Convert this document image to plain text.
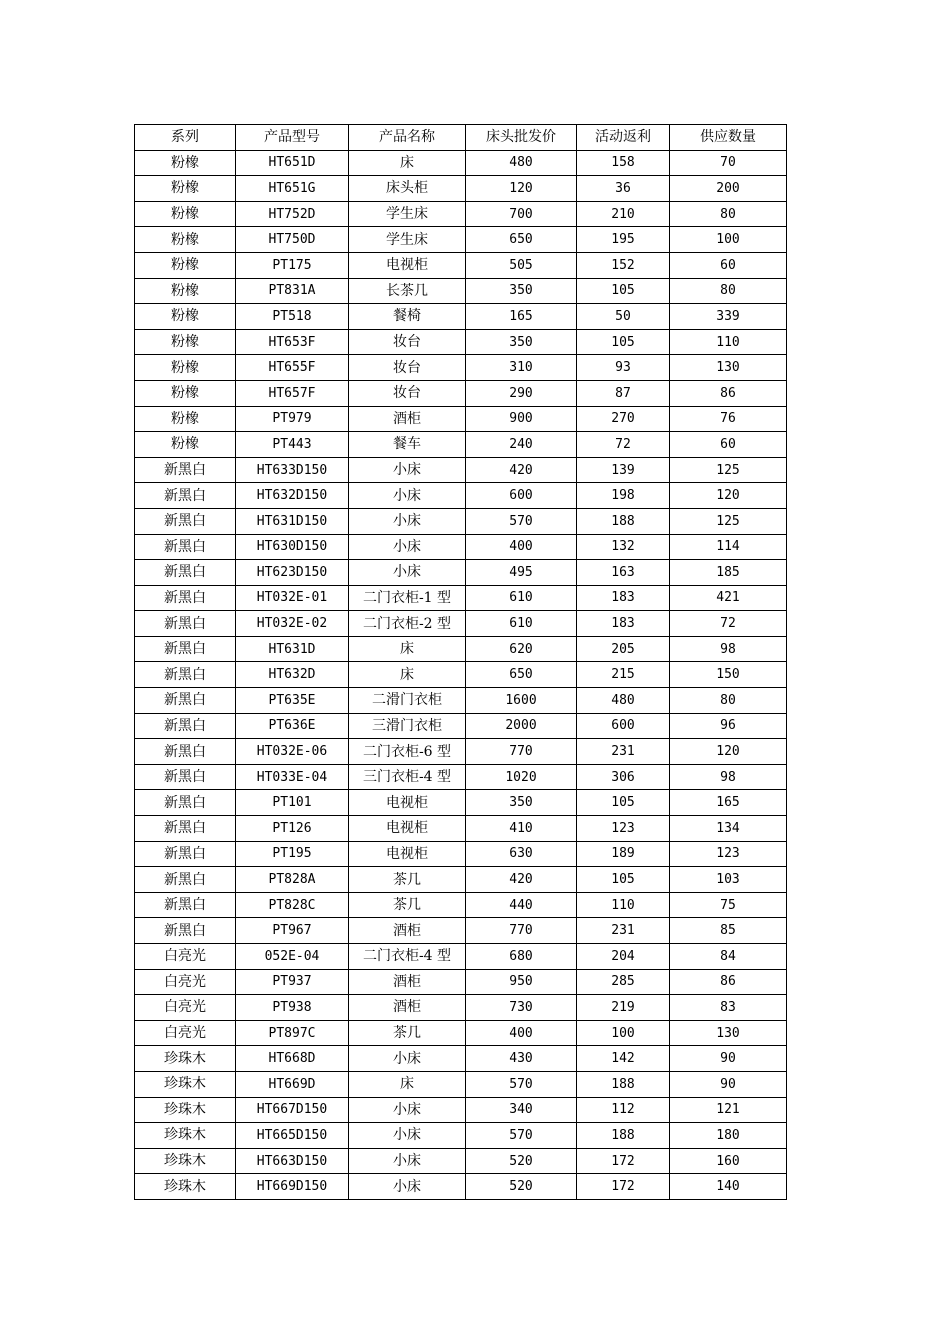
系列	产品型号	产品名称	床头批发价	活动返利	供应数量
粉橡	HT651D	床	480	158	70
粉橡	HT651G	床头柜	120	36	200
粉橡	HT752D	学生床	700	210	80
粉橡	HT750D	学生床	650	195	100
粉橡	PT175	电视柜	505	152	60
粉橡	PT831A	长茶几	350	105	80
粉橡	PT518	餐椅	165	50	339
粉橡	HT653F	妆台	350	105	110
粉橡	HT655F	妆台	310	93	130
粉橡	HT657F	妆台	290	87	86
粉橡	PT979	酒柜	900	270	76
粉橡	PT443	餐车	240	72	60
新黑白	HT633D150	小床	420	139	125
新黑白	HT632D150	小床	600	198	120
新黑白	HT631D150	小床	570	188	125
新黑白	HT630D150	小床	400	132	114
新黑白	HT623D150	小床	495	163	185
新黑白	HT032E-01	二门衣柜-1 型	610	183	421
新黑白	HT032E-02	二门衣柜-2 型	610	183	72
新黑白	HT631D	床	620	205	98
新黑白	HT632D	床	650	215	150
新黑白	PT635E	二滑门衣柜	1600	480	80
新黑白	PT636E	三滑门衣柜	2000	600	96
新黑白	HT032E-06	二门衣柜-6 型	770	231	120
新黑白	HT033E-04	三门衣柜-4 型	1020	306	98
新黑白	PT101	电视柜	350	105	165
新黑白	PT126	电视柜	410	123	134
新黑白	PT195	电视柜	630	189	123
新黑白	PT828A	茶几	420	105	103
新黑白	PT828C	茶几	440	110	75
新黑白	PT967	酒柜	770	231	85
白亮光	052E-04	二门衣柜-4 型	680	204	84
白亮光	PT937	酒柜	950	285	86
白亮光	PT938	酒柜	730	219	83
白亮光	PT897C	茶几	400	100	130
珍珠木	HT668D	小床	430	142	90
珍珠木	HT669D	床	570	188	90
珍珠木	HT667D150	小床	340	112	121
珍珠木	HT665D150	小床	570	188	180
珍珠木	HT663D150	小床	520	172	160
珍珠木	HT669D150	小床	520	172	140
